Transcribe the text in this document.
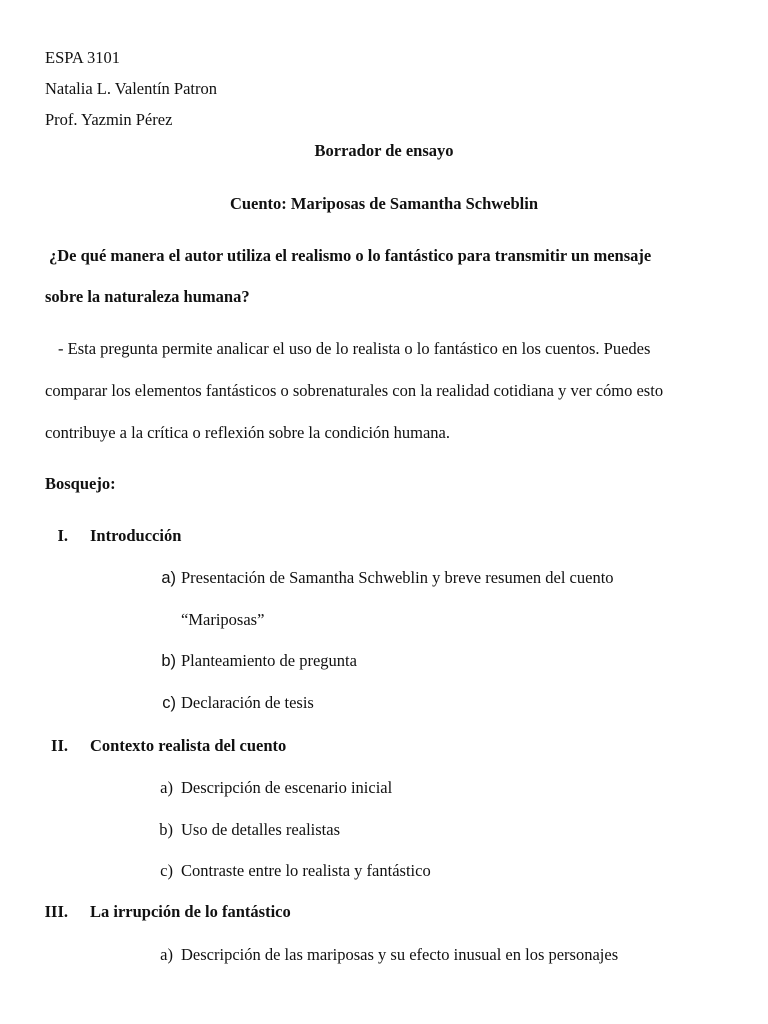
ESPA 3101
Natalia L. Valentín Patron
Prof. Yazmin Pérez
Borrador de ensayo
Cuento: Mariposas de Samantha Schweblin
¿De qué manera el autor utiliza el realismo o lo fantástico para transmitir un mensaje
sobre la naturaleza humana?
- Esta pregunta permite analicar el uso de lo realista o lo fantástico en los cuentos. Puedes
comparar los elementos fantásticos o sobrenaturales con la realidad cotidiana y ver cómo esto
contribuye a la crítica o reflexión sobre la condición humana.
Bosquejo:
I. Introducción
a) Presentación de Samantha Schweblin y breve resumen del cuento
“Mariposas”
b) Planteamiento de pregunta
c) Declaración de tesis
II. Contexto realista del cuento
a) Descripción de escenario inicial
b) Uso de detalles realistas
c) Contraste entre lo realista y fantástico
III. La irrupción de lo fantástico
a) Descripción de las mariposas y su efecto inusual en los personajes
